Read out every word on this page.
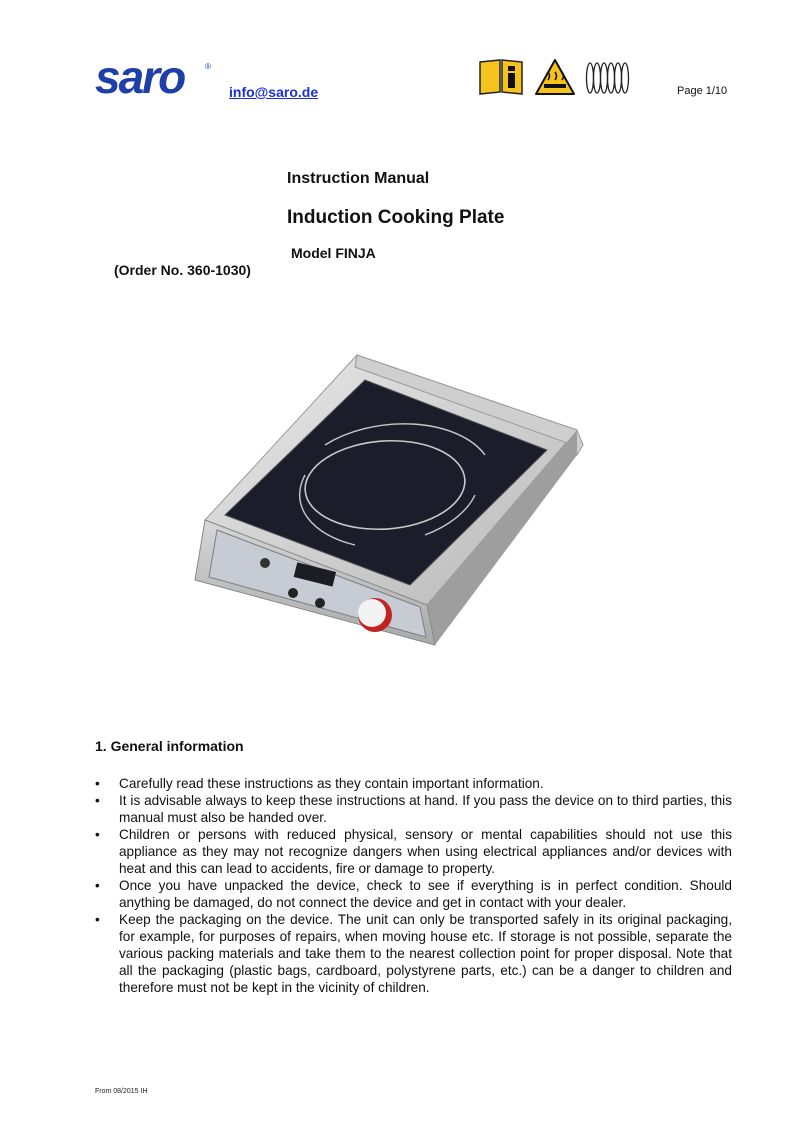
saro	®
info@saro.de	Page 1/10
Instruction Manual
Induction Cooking Plate
Model FINJA
(Order No. 360-1030)
1. General information
• Carefully read these instructions as they contain important information.
• It is advisable always to keep these instructions at hand. If you pass the device on to third parties, this manual must also be handed over.
• Children or persons with reduced physical, sensory or mental capabilities should not use this appliance as they may not recognize dangers when using electrical appliances and/or devices with heat and this can lead to accidents, fire or damage to property.
• Once you have unpacked the device, check to see if everything is in perfect condition. Should anything be damaged, do not connect the device and get in contact with your dealer.
• Keep the packaging on the device. The unit can only be transported safely in its original packaging, for example, for purposes of repairs, when moving house etc. If storage is not possible, separate the various packing materials and take them to the nearest collection point for proper disposal. Note that all the packaging (plastic bags, cardboard, polystyrene parts, etc.) can be a danger to children and therefore must not be kept in the vicinity of children.
From 08/2015 IH
